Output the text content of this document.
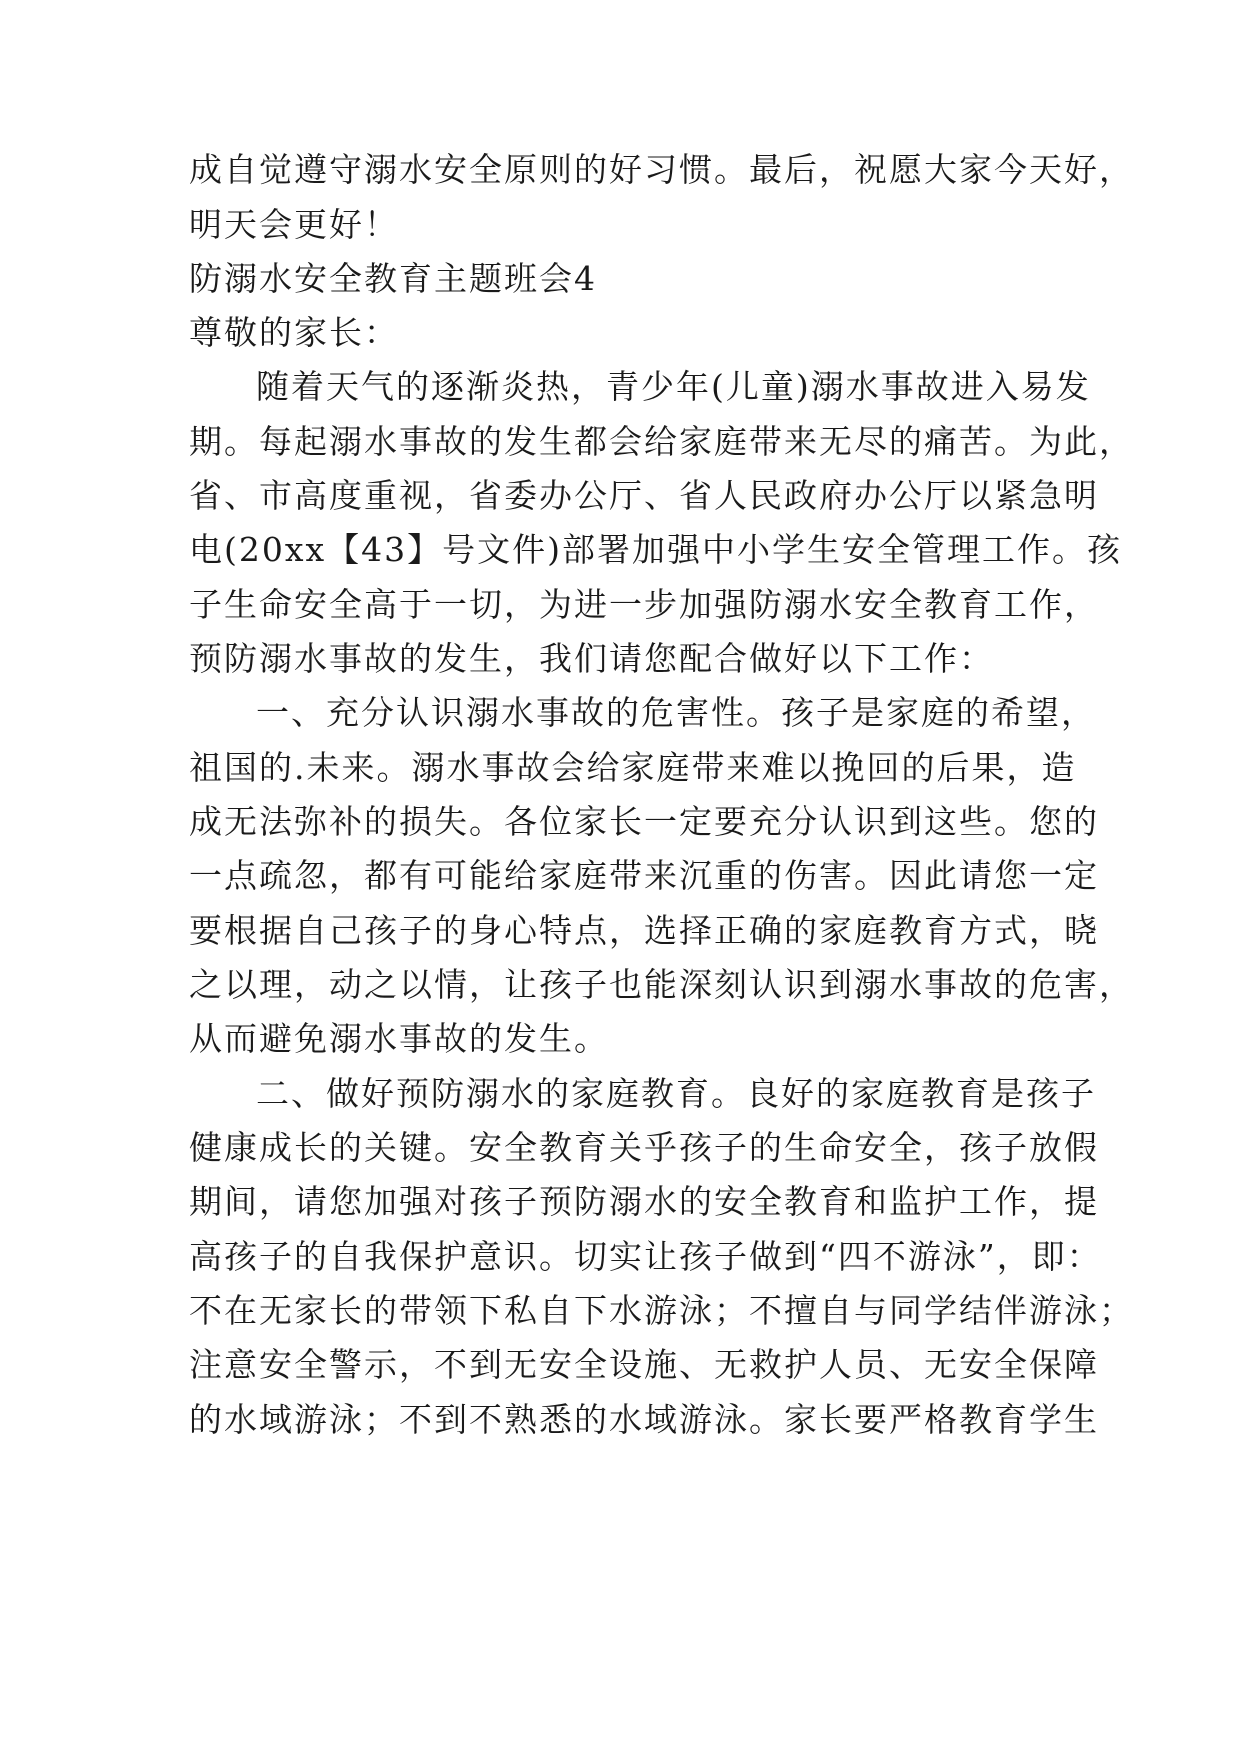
成自觉遵守溺水安全原则的好习惯。最后，祝愿大家今天好，
明天会更好！
防溺水安全教育主题班会4
尊敬的家长：
随着天气的逐渐炎热，青少年(儿童)溺水事故进入易发
期。每起溺水事故的发生都会给家庭带来无尽的痛苦。为此，
省、市高度重视，省委办公厅、省人民政府办公厅以紧急明
电(20xx【43】号文件)部署加强中小学生安全管理工作。孩
子生命安全高于一切，为进一步加强防溺水安全教育工作，
预防溺水事故的发生，我们请您配合做好以下工作：
一、充分认识溺水事故的危害性。孩子是家庭的希望，
祖国的.未来。溺水事故会给家庭带来难以挽回的后果，造
成无法弥补的损失。各位家长一定要充分认识到这些。您的
一点疏忽，都有可能给家庭带来沉重的伤害。因此请您一定
要根据自己孩子的身心特点，选择正确的家庭教育方式，晓
之以理，动之以情，让孩子也能深刻认识到溺水事故的危害，
从而避免溺水事故的发生。
二、做好预防溺水的家庭教育。良好的家庭教育是孩子
健康成长的关键。安全教育关乎孩子的生命安全，孩子放假
期间，请您加强对孩子预防溺水的安全教育和监护工作，提
高孩子的自我保护意识。切实让孩子做到“四不游泳”，即：
不在无家长的带领下私自下水游泳；不擅自与同学结伴游泳；
注意安全警示，不到无安全设施、无救护人员、无安全保障
的水域游泳；不到不熟悉的水域游泳。家长要严格教育学生
